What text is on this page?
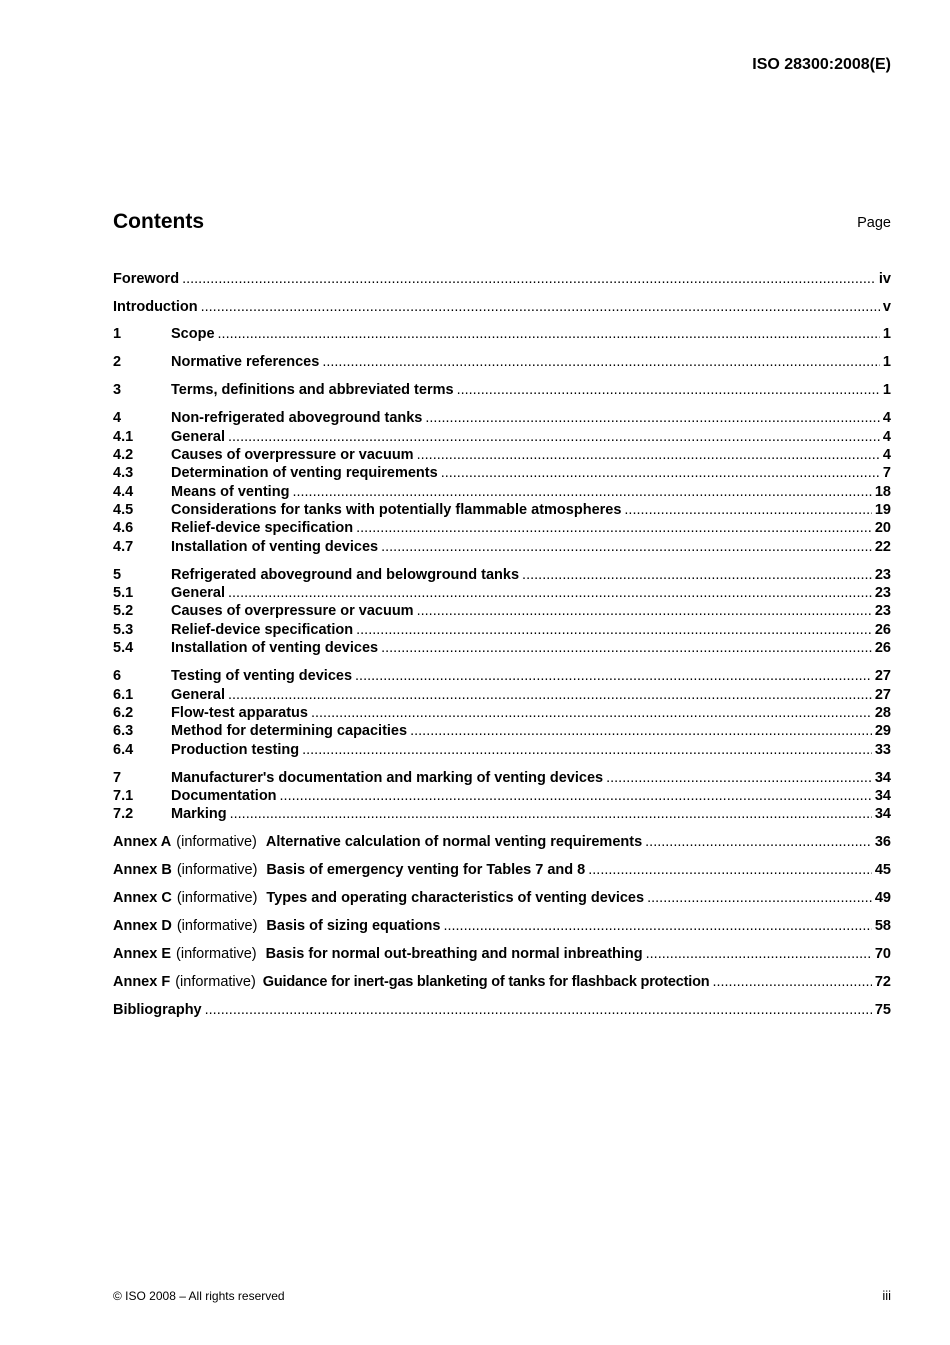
ISO 28300:2008(E)
Contents	Page
Foreword .....	iv
Introduction .....	v
1	Scope .....	1
2	Normative references .....	1
3	Terms, definitions and abbreviated terms .....	1
4	Non-refrigerated aboveground tanks .....	4
4.1	General .....	4
4.2	Causes of overpressure or vacuum .....	4
4.3	Determination of venting requirements .....	7
4.4	Means of venting .....	18
4.5	Considerations for tanks with potentially flammable atmospheres .....	19
4.6	Relief-device specification .....	20
4.7	Installation of venting devices .....	22
5	Refrigerated aboveground and belowground tanks .....	23
5.1	General .....	23
5.2	Causes of overpressure or vacuum .....	23
5.3	Relief-device specification .....	26
5.4	Installation of venting devices .....	26
6	Testing of venting devices .....	27
6.1	General .....	27
6.2	Flow-test apparatus .....	28
6.3	Method for determining capacities .....	29
6.4	Production testing .....	33
7	Manufacturer's documentation and marking of venting devices .....	34
7.1	Documentation .....	34
7.2	Marking .....	34
Annex A (informative) Alternative calculation of normal venting requirements .....	36
Annex B (informative) Basis of emergency venting for Tables 7 and 8 .....	45
Annex C (informative) Types and operating characteristics of venting devices .....	49
Annex D (informative) Basis of sizing equations .....	58
Annex E (informative) Basis for normal out-breathing and normal inbreathing .....	70
Annex F (informative) Guidance for inert-gas blanketing of tanks for flashback protection .....	72
Bibliography .....	75
© ISO 2008 – All rights reserved	iii
